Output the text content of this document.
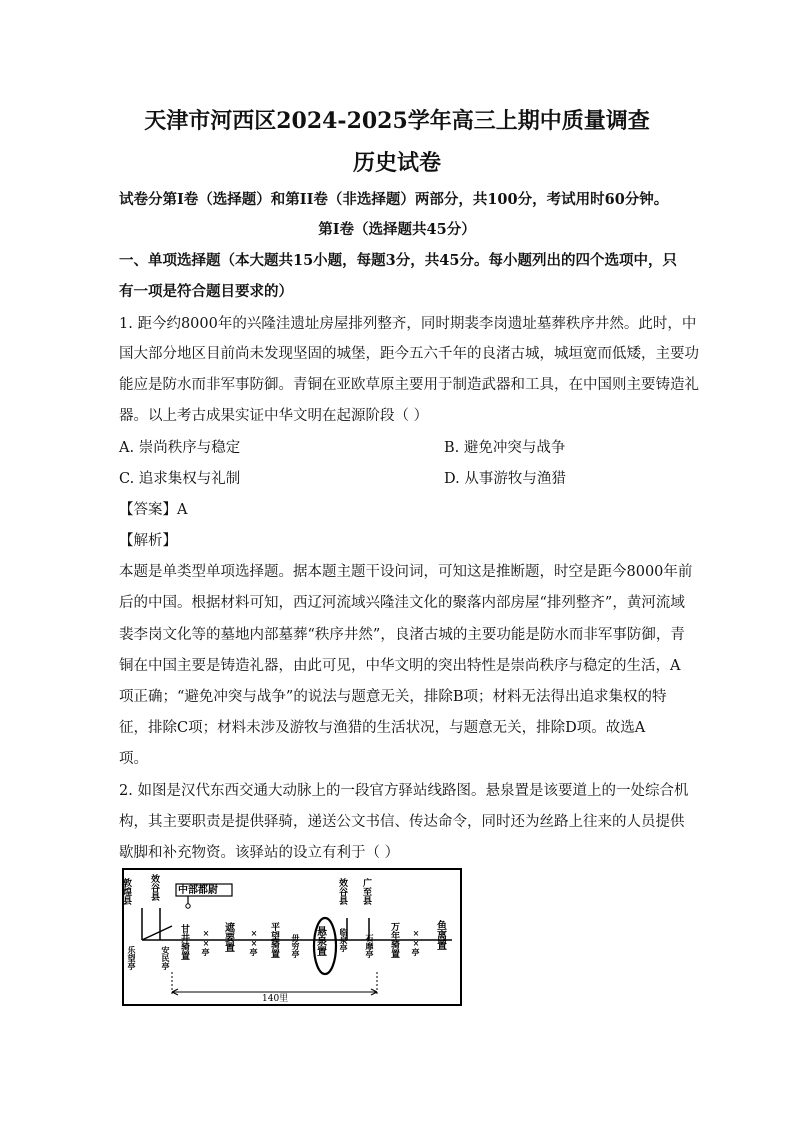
天津市河西区2024-2025学年高三上期中质量调查
历史试卷
试卷分第I卷（选择题）和第II卷（非选择题）两部分，共100分，考试用时60分钟。
第I卷（选择题共45分）
一、单项选择题（本大题共15小题，每题3分，共45分。每小题列出的四个选项中，只
有一项是符合题目要求的）
1. 距今约8000年的兴隆洼遗址房屋排列整齐，同时期裴李岗遗址墓葬秩序井然。此时，中
国大部分地区目前尚未发现坚固的城堡，距今五六千年的良渚古城，城垣宽而低矮，主要功
能应是防水而非军事防御。青铜在亚欧草原主要用于制造武器和工具，在中国则主要铸造礼
器。以上考古成果实证中华文明在起源阶段（ ）
A. 崇尚秩序与稳定	B. 避免冲突与战争
C. 追求集权与礼制	D. 从事游牧与渔猎
【答案】A
【解析】
本题是单类型单项选择题。据本题主题干设问词，可知这是推断题，时空是距今8000年前
后的中国。根据材料可知，西辽河流域兴隆洼文化的聚落内部房屋“排列整齐”，黄河流域
裴李岗文化等的墓地内部墓葬“秩序井然”，良渚古城的主要功能是防水而非军事防御，青
铜在中国主要是铸造礼器，由此可见，中华文明的突出特性是崇尚秩序与稳定的生活，A
项正确；“避免冲突与战争”的说法与题意无关，排除B项；材料无法得出追求集权的特
征，排除C项；材料未涉及游牧与渔猎的生活状况，与题意无关，排除D项。故选A
项。
2. 如图是汉代东西交通大动脉上的一段官方驿站线路图。悬泉置是该要道上的一处综合机
构，其主要职责是提供驿骑，递送公文书信、传达命令，同时还为丝路上往来的人员提供
歇脚和补充物资。该驿站的设立有利于（ ）
敦煌县 效谷县 中部都尉
乐望亭	安民亭 甘井骑置 ××亭 遮要置 ××亭 平望骑置 毋穷亭 悬泉置 临泉亭
效谷县 广至县
石靡亭 万年骑置 ××亭 鱼离置
140里
